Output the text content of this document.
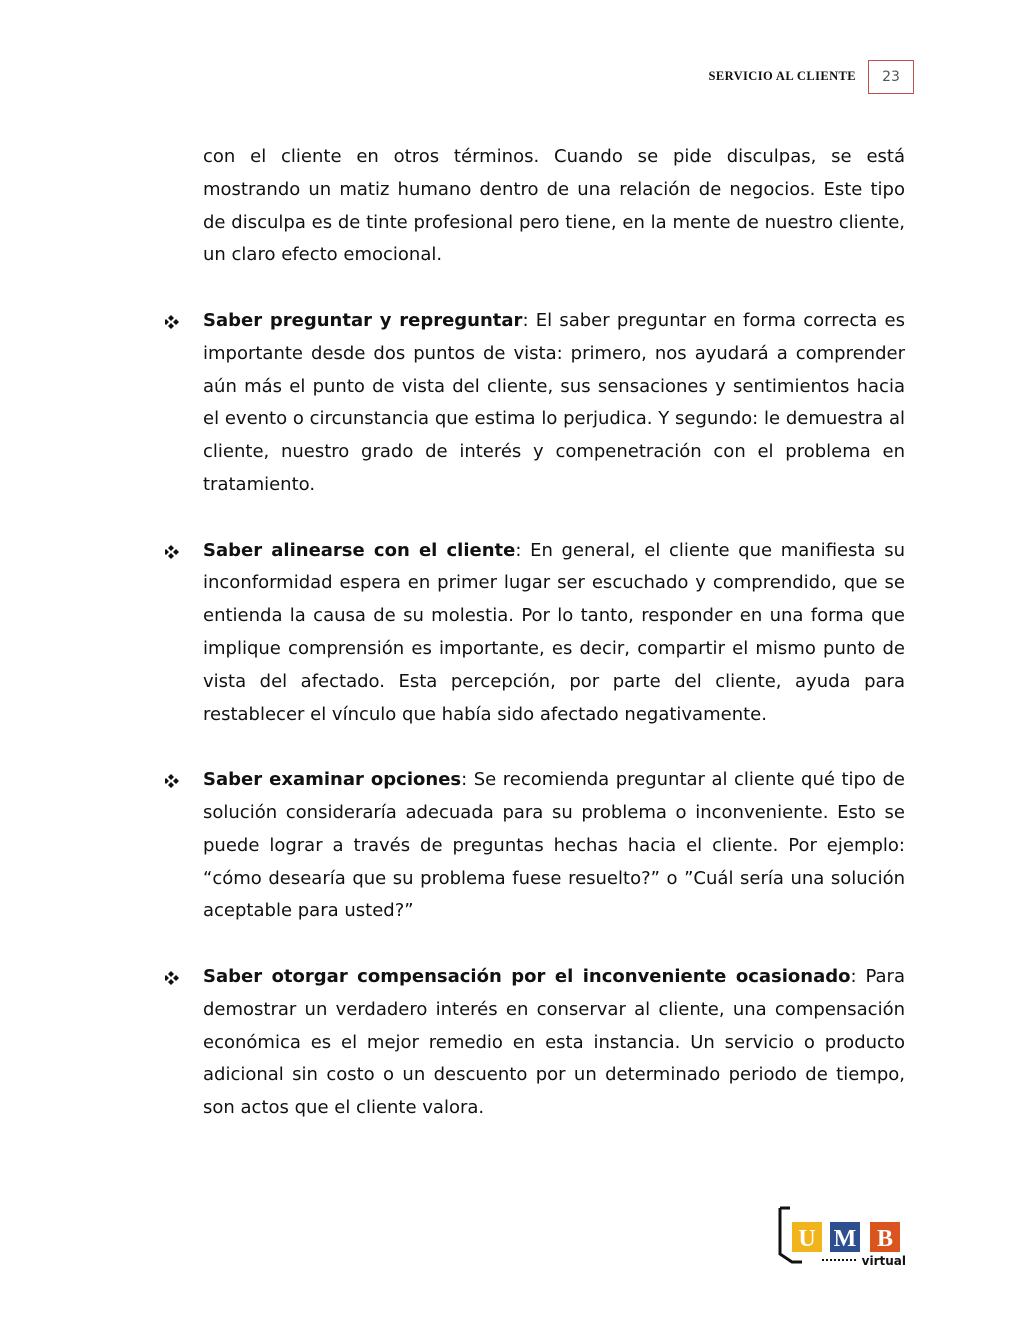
SERVICIO AL CLIENTE	23

con el cliente en otros términos. Cuando se pide disculpas, se está mostrando un matiz humano dentro de una relación de negocios. Este tipo de disculpa es de tinte profesional pero tiene, en la mente de nuestro cliente, un claro efecto emocional.

Saber preguntar y repreguntar: El saber preguntar en forma correcta es importante desde dos puntos de vista: primero, nos ayudará a comprender aún más el punto de vista del cliente, sus sensaciones y sentimientos hacia el evento o circunstancia que estima lo perjudica. Y segundo: le demuestra al cliente, nuestro grado de interés y compenetración con el problema en tratamiento.
Saber alinearse con el cliente: En general, el cliente que manifiesta su inconformidad espera en primer lugar ser escuchado y comprendido, que se entienda la causa de su molestia. Por lo tanto, responder en una forma que implique comprensión es importante, es decir, compartir el mismo punto de vista del afectado. Esta percepción, por parte del cliente, ayuda para restablecer el vínculo que había sido afectado negativamente.
Saber examinar opciones: Se recomienda preguntar al cliente qué tipo de solución consideraría adecuada para su problema o inconveniente. Esto se puede lograr a través de preguntas hechas hacia el cliente. Por ejemplo: “cómo desearía que su problema fuese resuelto?” o ”Cuál sería una solución aceptable para usted?”
Saber otorgar compensación por el inconveniente ocasionado: Para demostrar un verdadero interés en conservar al cliente, una compensación económica es el mejor remedio en esta instancia. Un servicio o producto adicional sin costo o un descuento por un determinado periodo de tiempo, son actos que el cliente valora.
U M B
virtual
